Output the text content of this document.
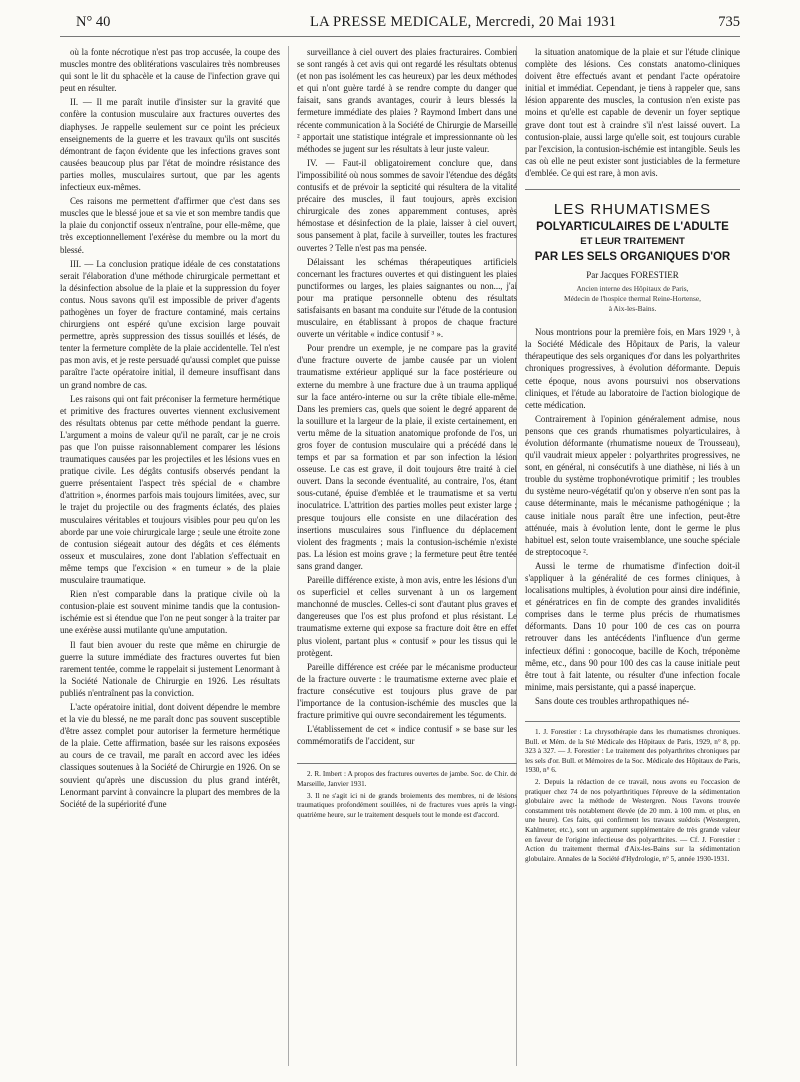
N° 40	LA PRESSE MEDICALE, Mercredi, 20 Mai 1931	735

où la fonte nécrotique n'est pas trop accusée, la coupe des muscles montre des oblitérations vasculaires très nombreuses qui sont le lit du sphacèle et la cause de l'infection grave qui peut en résulter.

II. — Il me paraît inutile d'insister sur la gravité que confère la contusion musculaire aux fractures ouvertes des diaphyses. Je rappelle seulement sur ce point les précieux enseignements de la guerre et les travaux qu'ils ont suscités démontrant de façon évidente que les infections graves sont causées beaucoup plus par l'état de moindre résistance des parties molles, musculaires surtout, que par les agents infectieux eux-mêmes.

Ces raisons me permettent d'affirmer que c'est dans ses muscles que le blessé joue et sa vie et son membre tandis que la plaie du conjonctif osseux n'entraîne, pour elle-même, que très exceptionnellement l'exérèse du membre ou la mort du blessé.

III. — La conclusion pratique idéale de ces constatations serait l'élaboration d'une méthode chirurgicale permettant et la désinfection absolue de la plaie et la suppression du foyer contus. Nous savons qu'il est impossible de priver d'agents pathogènes un foyer de fracture contaminé, mais certains chirurgiens ont espéré qu'une excision large pouvait permettre, après suppression des tissus souillés et lésés, de tenter la fermeture complète de la plaie accidentelle. Tel n'est pas mon avis, et je reste persuadé qu'aussi complet que puisse paraître l'acte opératoire initial, il demeure insuffisant dans un grand nombre de cas.

Les raisons qui ont fait préconiser la fermeture hermétique et primitive des fractures ouvertes viennent exclusivement des résultats obtenus par cette méthode pendant la guerre. L'argument a moins de valeur qu'il ne paraît, car je ne crois pas que l'on puisse raisonnablement comparer les lésions traumatiques causées par les projectiles et les lésions vues en pratique civile. Les dégâts contusifs observés pendant la guerre présentaient l'aspect très spécial de « chambre d'attrition », énormes parfois mais toujours limitées, avec, sur le trajet du projectile ou des fragments éclatés, des plaies musculaires véritables et toujours visibles pour peu qu'on les aborde par une voie chirurgicale large ; seule une étroite zone de contusion siégeait autour des dégâts et ces éléments osseux et musculaires, zone dont l'ablation s'effectuait en même temps que l'excision « en tumeur » de la plaie musculaire traumatique.

Rien n'est comparable dans la pratique civile où la contusion-plaie est souvent minime tandis que la contusion-ischémie est si étendue que l'on ne peut songer à la traiter par une exérèse aussi mutilante qu'une amputation.

Il faut bien avouer du reste que même en chirurgie de guerre la suture immédiate des fractures ouvertes fut bien rarement tentée, comme le rappelait si justement Lenormant à la Société Nationale de Chirurgie en 1926. Les résultats publiés n'entraînent pas la conviction.

L'acte opératoire initial, dont doivent dépendre le membre et la vie du blessé, ne me paraît donc pas souvent susceptible d'être assez complet pour autoriser la fermeture hermétique de la plaie. Cette affirmation, basée sur les raisons exposées au cours de ce travail, me paraît en accord avec les idées classiques soutenues à la Société de Chirurgie en 1926. On se souvient qu'après une discussion du plus grand intérêt, Lenormant parvint à convaincre la plupart des membres de la Société de la supériorité d'une

surveillance à ciel ouvert des plaies fracturaires. Combien se sont rangés à cet avis qui ont regardé les résultats obtenus (et non pas isolément les cas heureux) par les deux méthodes et qui n'ont guère tardé à se rendre compte du danger que faisait, sans grands avantages, courir à leurs blessés la fermeture immédiate des plaies ? Raymond Imbert dans une récente communication à la Société de Chirurgie de Marseille ² apportait une statistique intégrale et impressionnante où les méthodes se jugent sur les résultats à leur juste valeur.

IV. — Faut-il obligatoirement conclure que, dans l'impossibilité où nous sommes de savoir l'étendue des dégâts contusifs et de prévoir la septicité qui résultera de la vitalité précaire des muscles, il faut toujours, après excision chirurgicale des zones apparemment contuses, après hémostase et désinfection de la plaie, laisser à ciel ouvert, sous pansement à plat, facile à surveiller, toutes les fractures ouvertes ? Telle n'est pas ma pensée.

Délaissant les schémas thérapeutiques artificiels concernant les fractures ouvertes et qui distinguent les plaies punctiformes ou larges, les plaies saignantes ou non..., j'ai pour ma pratique personnelle obtenu des résultats satisfaisants en basant ma conduite sur l'étude de la contusion musculaire, en établissant à propos de chaque fracture ouverte un véritable « indice contusif ³ ».

Pour prendre un exemple, je ne compare pas la gravité d'une fracture ouverte de jambe causée par un violent traumatisme extérieur appliqué sur la face postérieure ou externe du membre à une fracture due à un trauma appliqué sur la face antéro-interne ou sur la crête tibiale elle-même. Dans les premiers cas, quels que soient le degré apparent de la souillure et la largeur de la plaie, il existe certainement, en vertu même de la situation anatomique profonde de l'os, un gros foyer de contusion musculaire qui a précédé dans le temps et par sa formation et par son infection la lésion osseuse. Le cas est grave, il doit toujours être traité à ciel ouvert. Dans la seconde éventualité, au contraire, l'os, étant sous-cutané, épuise d'emblée et le traumatisme et sa vertu inoculatrice. L'attrition des parties molles peut exister large ; presque toujours elle consiste en une dilacération des insertions musculaires sous l'influence du déplacement violent des fragments ; mais la contusion-ischémie n'existe pas. La lésion est moins grave ; la fermeture peut être tentée sans grand danger.

Pareille différence existe, à mon avis, entre les lésions d'un os superficiel et celles survenant à un os largement manchonné de muscles. Celles-ci sont d'autant plus graves et dangereuses que l'os est plus profond et plus résistant. Le traumatisme externe qui expose sa fracture doit être en effet plus violent, partant plus « contusif » pour les tissus qui le protègent.

Pareille différence est créée par le mécanisme producteur de la fracture ouverte : le traumatisme externe avec plaie et fracture consécutive est toujours plus grave de par l'importance de la contusion-ischémie des muscles que la fracture primitive qui ouvre secondairement les téguments.

L'établissement de cet « indice contusif » se base sur les commémoratifs de l'accident, sur

2. R. Imbert : A propos des fractures ouvertes de jambe. Soc. de Chir. de Marseille, Janvier 1931.

3. Il ne s'agit ici ni de grands broiements des membres, ni de lésions traumatiques profondément souillées, ni de fractures vues après la vingt-quatrième heure, sur le traitement desquels tout le monde est d'accord.

la situation anatomique de la plaie et sur l'étude clinique complète des lésions. Ces constats anatomo-cliniques doivent être effectués avant et pendant l'acte opératoire initial et immédiat. Cependant, je tiens à rappeler que, sans lésion apparente des muscles, la contusion n'en existe pas moins et qu'elle est capable de devenir un foyer septique grave dont tout est à craindre s'il n'est laissé ouvert. La contusion-plaie, aussi large qu'elle soit, est toujours curable par l'excision, la contusion-ischémie est intangible. Seuls les cas où elle ne peut exister sont justiciables de la fermeture d'emblée. Ce qui est rare, à mon avis.

LES RHUMATISMES
POLYARTICULAIRES DE L'ADULTE
ET LEUR TRAITEMENT
PAR LES SELS ORGANIQUES D'OR
Par Jacques FORESTIER
Ancien interne des Hôpitaux de Paris,
Médecin de l'hospice thermal Reine-Hortense,
à Aix-les-Bains.

Nous montrions pour la première fois, en Mars 1929 ¹, à la Société Médicale des Hôpitaux de Paris, la valeur thérapeutique des sels organiques d'or dans les polyarthrites chroniques progressives, à évolution déformante. Depuis cette époque, nous avons poursuivi nos observations cliniques, et l'étude au laboratoire de l'action biologique de cette médication.

Contrairement à l'opinion généralement admise, nous pensons que ces grands rhumatismes polyarticulaires, à évolution déformante (rhumatisme noueux de Trousseau), qu'il vaudrait mieux appeler : polyarthrites progressives, ne sont, en général, ni consécutifs à une diathèse, ni liés à un trouble du système trophonévrotique primitif ; les troubles du système neuro-végétatif qu'on y observe n'en sont pas la cause déterminante, mais le mécanisme pathogénique ; la cause initiale nous paraît être une infection, peut-être atténuée, mais à évolution lente, dont le germe le plus habituel est, selon toute vraisemblance, une souche spéciale de streptocoque ².

Aussi le terme de rhumatisme d'infection doit-il s'appliquer à la généralité de ces formes cliniques, à localisations multiples, à évolution pour ainsi dire indéfinie, et génératrices en fin de compte des grandes invalidités comprises dans le terme plus précis de rhumatismes déformants. Dans 10 pour 100 de ces cas on pourra retrouver dans les antécédents l'influence d'un germe infectieux défini : gonocoque, bacille de Koch, tréponème même, etc., dans 90 pour 100 des cas la cause initiale peut être tout à fait latente, ou résulter d'une infection focale minime, mais persistante, qui a passé inaperçue.

Sans doute ces troubles arthropathiques né-

1. J. Forestier : La chrysothérapie dans les rhumatismes chroniques. Bull. et Mém. de la Sté Médicale des Hôpitaux de Paris, 1929, n° 8, pp. 323 à 327. — J. Forestier : Le traitement des polyarthrites chroniques par les sels d'or. Bull. et Mémoires de la Soc. Médicale des Hôpitaux de Paris, 1930, n° 6.

2. Depuis la rédaction de ce travail, nous avons eu l'occasion de pratiquer chez 74 de nos polyarthritiques l'épreuve de la sédimentation globulaire avec la méthode de Westergren. Nous l'avons trouvée constamment très notablement élevée (de 20 mm. à 100 mm. et plus, en une heure). Ces faits, qui confirment les travaux suédois (Westergren, Kahlmeter, etc.), sont un argument supplémentaire de très grande valeur en faveur de l'origine infectieuse des polyarthrites. — Cf. J. Forestier : Action du traitement thermal d'Aix-les-Bains sur la sédimentation globulaire. Annales de la Société d'Hydrologie, n° 5, année 1930-1931.
